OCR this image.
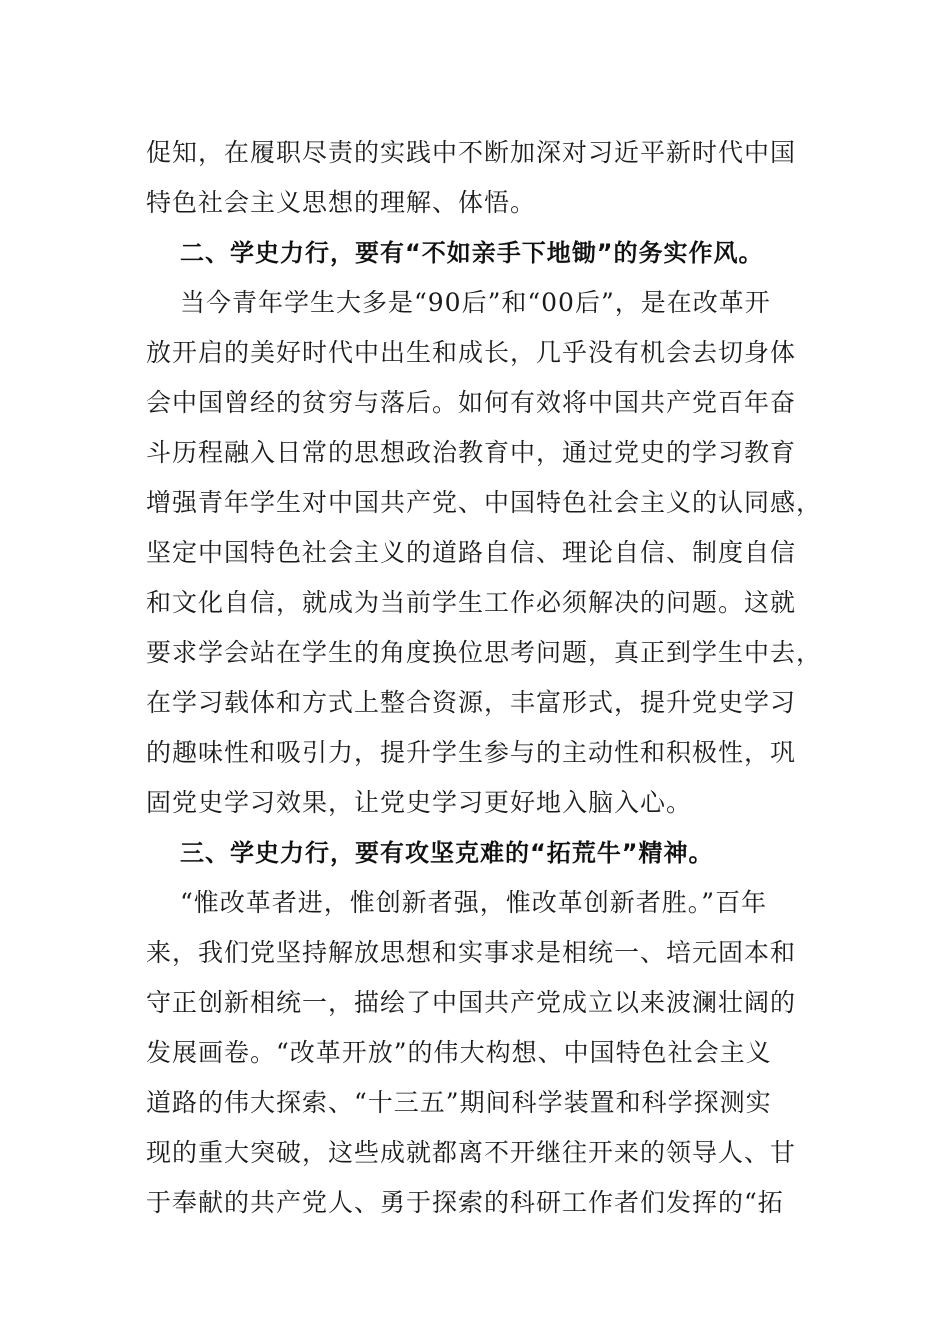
促知，在履职尽责的实践中不断加深对习近平新时代中国
特色社会主义思想的理解、体悟。
二、学史力行，要有“不如亲手下地锄”的务实作风。
当今青年学生大多是“90后”和“00后”，是在改革开
放开启的美好时代中出生和成长，几乎没有机会去切身体
会中国曾经的贫穷与落后。如何有效将中国共产党百年奋
斗历程融入日常的思想政治教育中，通过党史的学习教育
增强青年学生对中国共产党、中国特色社会主义的认同感，
坚定中国特色社会主义的道路自信、理论自信、制度自信
和文化自信，就成为当前学生工作必须解决的问题。这就
要求学会站在学生的角度换位思考问题，真正到学生中去，
在学习载体和方式上整合资源，丰富形式，提升党史学习
的趣味性和吸引力，提升学生参与的主动性和积极性，巩
固党史学习效果，让党史学习更好地入脑入心。
三、学史力行，要有攻坚克难的“拓荒牛”精神。
“惟改革者进，惟创新者强，惟改革创新者胜。”百年
来，我们党坚持解放思想和实事求是相统一、培元固本和
守正创新相统一，描绘了中国共产党成立以来波澜壮阔的
发展画卷。“改革开放”的伟大构想、中国特色社会主义
道路的伟大探索、“十三五”期间科学装置和科学探测实
现的重大突破，这些成就都离不开继往开来的领导人、甘
于奉献的共产党人、勇于探索的科研工作者们发挥的“拓
